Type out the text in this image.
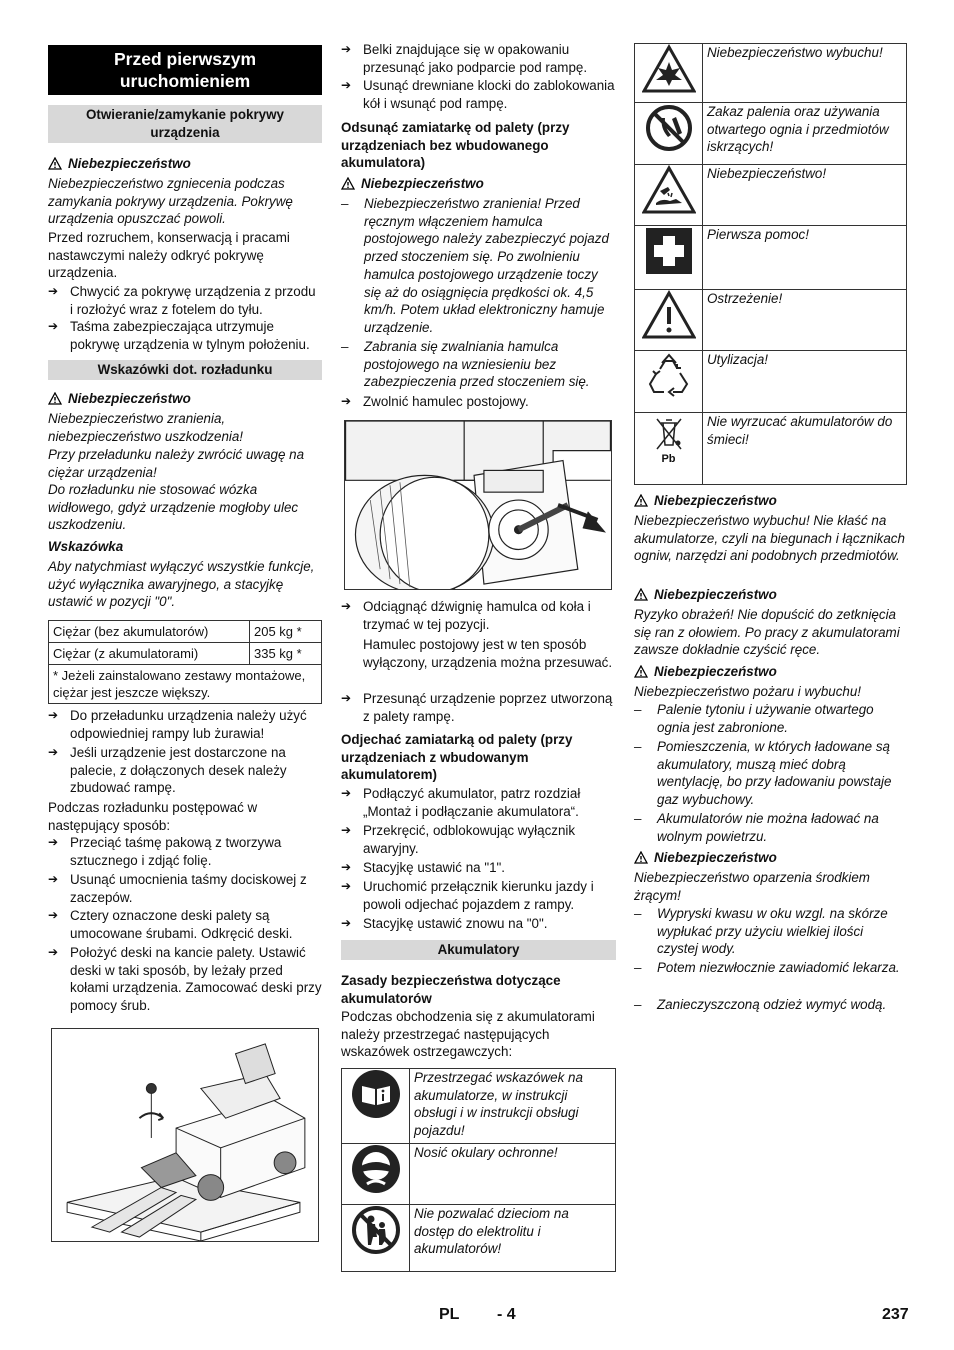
Przed pierwszym uruchomieniem
Otwieranie/zamykanie pokrywy urządzenia
Niebezpieczeństwo
Niebezpieczeństwo zgniecenia podczas zamykania pokrywy urządzenia. Pokrywę urządzenia opuszczać powoli.
Przed rozruchem, konserwacją i pracami nastawczymi należy odkryć pokrywę urządzenia.
➔ Chwycić za pokrywę urządzenia z przodu i rozłożyć wraz z fotelem do tyłu.
➔ Taśma zabezpieczająca utrzymuje pokrywę urządzenia w tylnym położeniu.
Wskazówki dot. rozładunku
Niebezpieczeństwo
Niebezpieczeństwo zranienia, niebezpieczeństwo uszkodzenia!
Przy przeładunku należy zwrócić uwagę na ciężar urządzenia!
Do rozładunku nie stosować wózka widłowego, gdyż urządzenie mogłoby ulec uszkodzeniu.
Wskazówka
Aby natychmiast wyłączyć wszystkie funkcje, użyć wyłącznika awaryjnego, a stacyjkę ustawić w pozycji "0".
Ciężar (bez akumulatorów)	205 kg *
Ciężar (z akumulatorami)	335 kg *
* Jeżeli zainstalowano zestawy montażowe, ciężar jest jeszcze większy.	
➔ Do przeładunku urządzenia należy użyć odpowiedniej rampy lub żurawia!
➔ Jeśli urządzenie jest dostarczone na palecie, z dołączonych desek należy zbudować rampę.
Podczas rozładunku postępować w następujący sposób:
➔ Przeciąć taśmę pakową z tworzywa sztucznego i zdjąć folię.
➔ Usunąć umocnienia taśmy dociskowej z zaczepów.
➔ Cztery oznaczone deski palety są umocowane śrubami. Odkręcić deski.
➔ Położyć deski na kancie palety. Ustawić deski w taki sposób, by leżały przed kołami urządzenia. Zamocować deski przy pomocy śrub.
➔ Belki znajdujące się w opakowaniu przesunąć jako podparcie pod rampę.
➔ Usunąć drewniane klocki do zablokowania kół i wsunąć pod rampę.
Odsunąć zamiatarkę od palety (przy urządzeniach bez wbudowanego akumulatora)
Niebezpieczeństwo
–	Niebezpieczeństwo zranienia! Przed ręcznym włączeniem hamulca postojowego należy zabezpieczyć pojazd przed stoczeniem się. Po zwolnieniu hamulca postojowego urządzenie toczy się aż do osiągnięcia prędkości ok. 4,5 km/h. Potem układ elektroniczny hamuje urządzenie.
–	Zabrania się zwalniania hamulca postojowego na wzniesieniu bez zabezpieczenia przed stoczeniem się.
➔ Zwolnić hamulec postojowy.
➔ Odciągnąć dźwignię hamulca od koła i trzymać w tej pozycji.
Hamulec postojowy jest w ten sposób wyłączony, urządzenia można przesuwać.
➔ Przesunąć urządzenie poprzez utworzoną z palety rampę.
Odjechać zamiatarką od palety (przy urządzeniach z wbudowanym akumulatorem)
➔ Podłączyć akumulator, patrz rozdział „Montaż i podłączanie akumulatora“.
➔ Przekręcić, odblokowując wyłącznik awaryjny.
➔ Stacyjkę ustawić na "1".
➔ Uruchomić przełącznik kierunku jazdy i powoli odjechać pojazdem z rampy.
➔ Stacyjkę ustawić znowu na "0".
Akumulatory
Zasady bezpieczeństwa dotyczące akumulatorów
Podczas obchodzenia się z akumulatorami należy przestrzegać następujących wskazówek ostrzegawczych:
	Przestrzegać wskazówek na akumulatorze, w instrukcji obsługi i w instrukcji obsługi pojazdu!

	Nosić okulary ochronne!

	Nie pozwalać dzieciom na dostęp do elektrolitu i akumulatorów!
	Niebezpieczeństwo wybuchu!

	Zakaz palenia oraz używania otwartego ognia i przedmiotów iskrzących!

	Niebezpieczeństwo!

	Pierwsza pomoc!

	Ostrzeżenie!

	Utylizacja!

Pb	Nie wyrzucać akumulatorów do śmieci!
Niebezpieczeństwo
Niebezpieczeństwo wybuchu! Nie kłaść na akumulatorze, czyli na biegunach i łącznikach ogniw, narzędzi ani podobnych przedmiotów.
Niebezpieczeństwo
Ryzyko obrażeń! Nie dopuścić do zetknięcia się ran z ołowiem. Po pracy z akumulatorami zawsze dokładnie czyścić ręce.
Niebezpieczeństwo
Niebezpieczeństwo pożaru i wybuchu!
–	Palenie tytoniu i używanie otwartego ognia jest zabronione.
–	Pomieszczenia, w których ładowane są akumulatory, muszą mieć dobrą wentylację, bo przy ładowaniu powstaje gaz wybuchowy.
–	Akumulatorów nie można ładować na wolnym powietrzu.
Niebezpieczeństwo
Niebezpieczeństwo oparzenia środkiem żrącym!
–	Wypryski kwasu w oku wzgl. na skórze wypłukać przy użyciu wielkiej ilości czystej wody.
–	Potem niezwłocznie zawiadomić lekarza.
–	Zanieczyszczoną odzież wymyć wodą.
PL - 4	237
